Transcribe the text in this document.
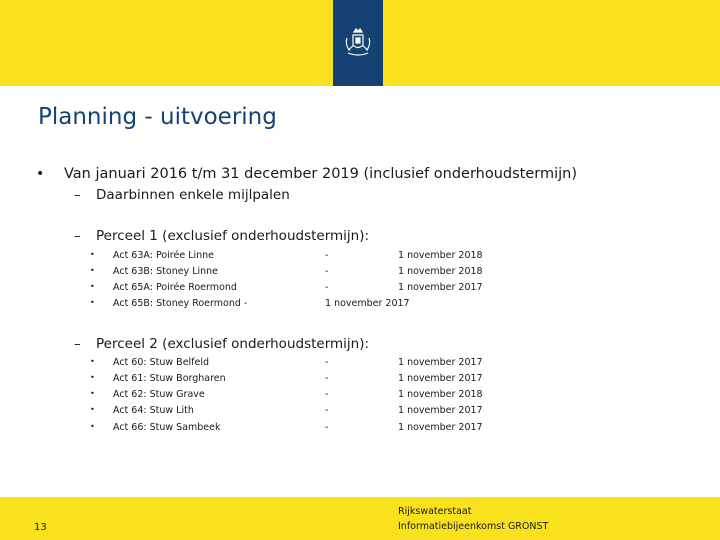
Planning - uitvoering
• Van januari 2016 t/m 31 december 2019 (inclusief onderhoudstermijn)
– Daarbinnen enkele mijlpalen
– Perceel 1 (exclusief onderhoudstermijn):
• Act 63A: Poirée Linne	-	1 november 2018
• Act 63B: Stoney Linne	-	1 november 2018
• Act 65A: Poirée Roermond	-	1 november 2017
• Act 65B: Stoney Roermond -	1 november 2017
– Perceel 2 (exclusief onderhoudstermijn):
• Act 60: Stuw Belfeld	-	1 november 2017
• Act 61: Stuw Borgharen	-	1 november 2017
• Act 62: Stuw Grave	-	1 november 2018
• Act 64: Stuw Lith	-	1 november 2017
• Act 66: Stuw Sambeek	-	1 november 2017
13
Rijkswaterstaat
Informatiebijeenkomst GRONST
